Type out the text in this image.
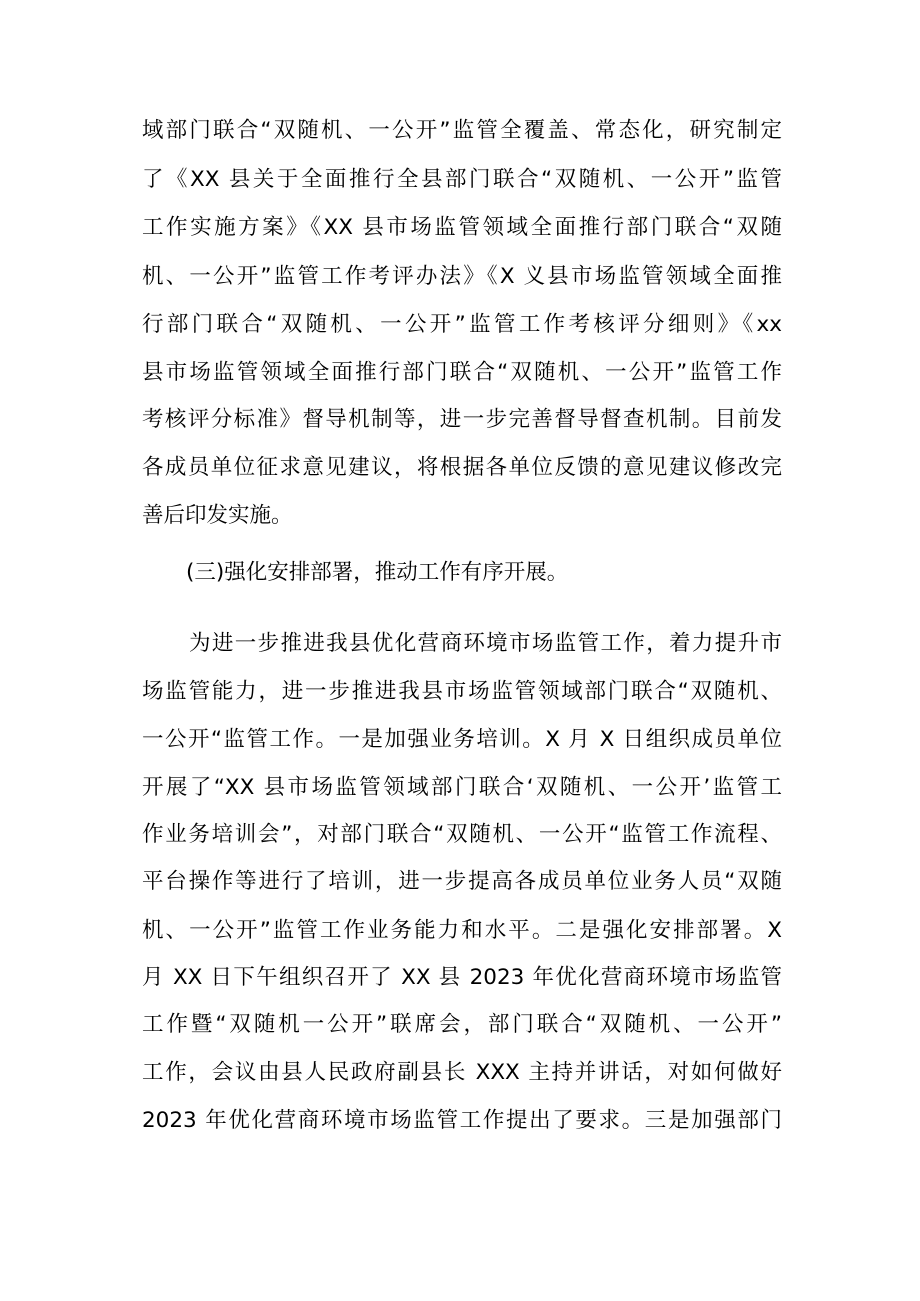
域部门联合“双随机、一公开”监管全覆盖、常态化，研究制定
了《XX 县关于全面推行全县部门联合“双随机、一公开”监管
工作实施方案》《XX 县市场监管领域全面推行部门联合“双随
机、一公开”监管工作考评办法》《X 义县市场监管领域全面推
行部门联合“双随机、一公开”监管工作考核评分细则》《xx
县市场监管领域全面推行部门联合“双随机、一公开”监管工作
考核评分标准》督导机制等，进一步完善督导督查机制。目前发
各成员单位征求意见建议，将根据各单位反馈的意见建议修改完
善后印发实施。
(三)强化安排部署，推动工作有序开展。
为进一步推进我县优化营商环境市场监管工作，着力提升市
场监管能力，进一步推进我县市场监管领域部门联合“双随机、
一公开“监管工作。一是加强业务培训。X 月 X 日组织成员单位
开展了“XX 县市场监管领域部门联合‘双随机、一公开’监管工
作业务培训会”，对部门联合“双随机、一公开“监管工作流程、
平台操作等进行了培训，进一步提高各成员单位业务人员“双随
机、一公开”监管工作业务能力和水平。二是强化安排部署。X
月 XX 日下午组织召开了 XX 县 2023 年优化营商环境市场监管
工作暨“双随机一公开”联席会，部门联合“双随机、一公开”
工作，会议由县人民政府副县长 XXX 主持并讲话，对如何做好
2023 年优化营商环境市场监管工作提出了要求。三是加强部门
